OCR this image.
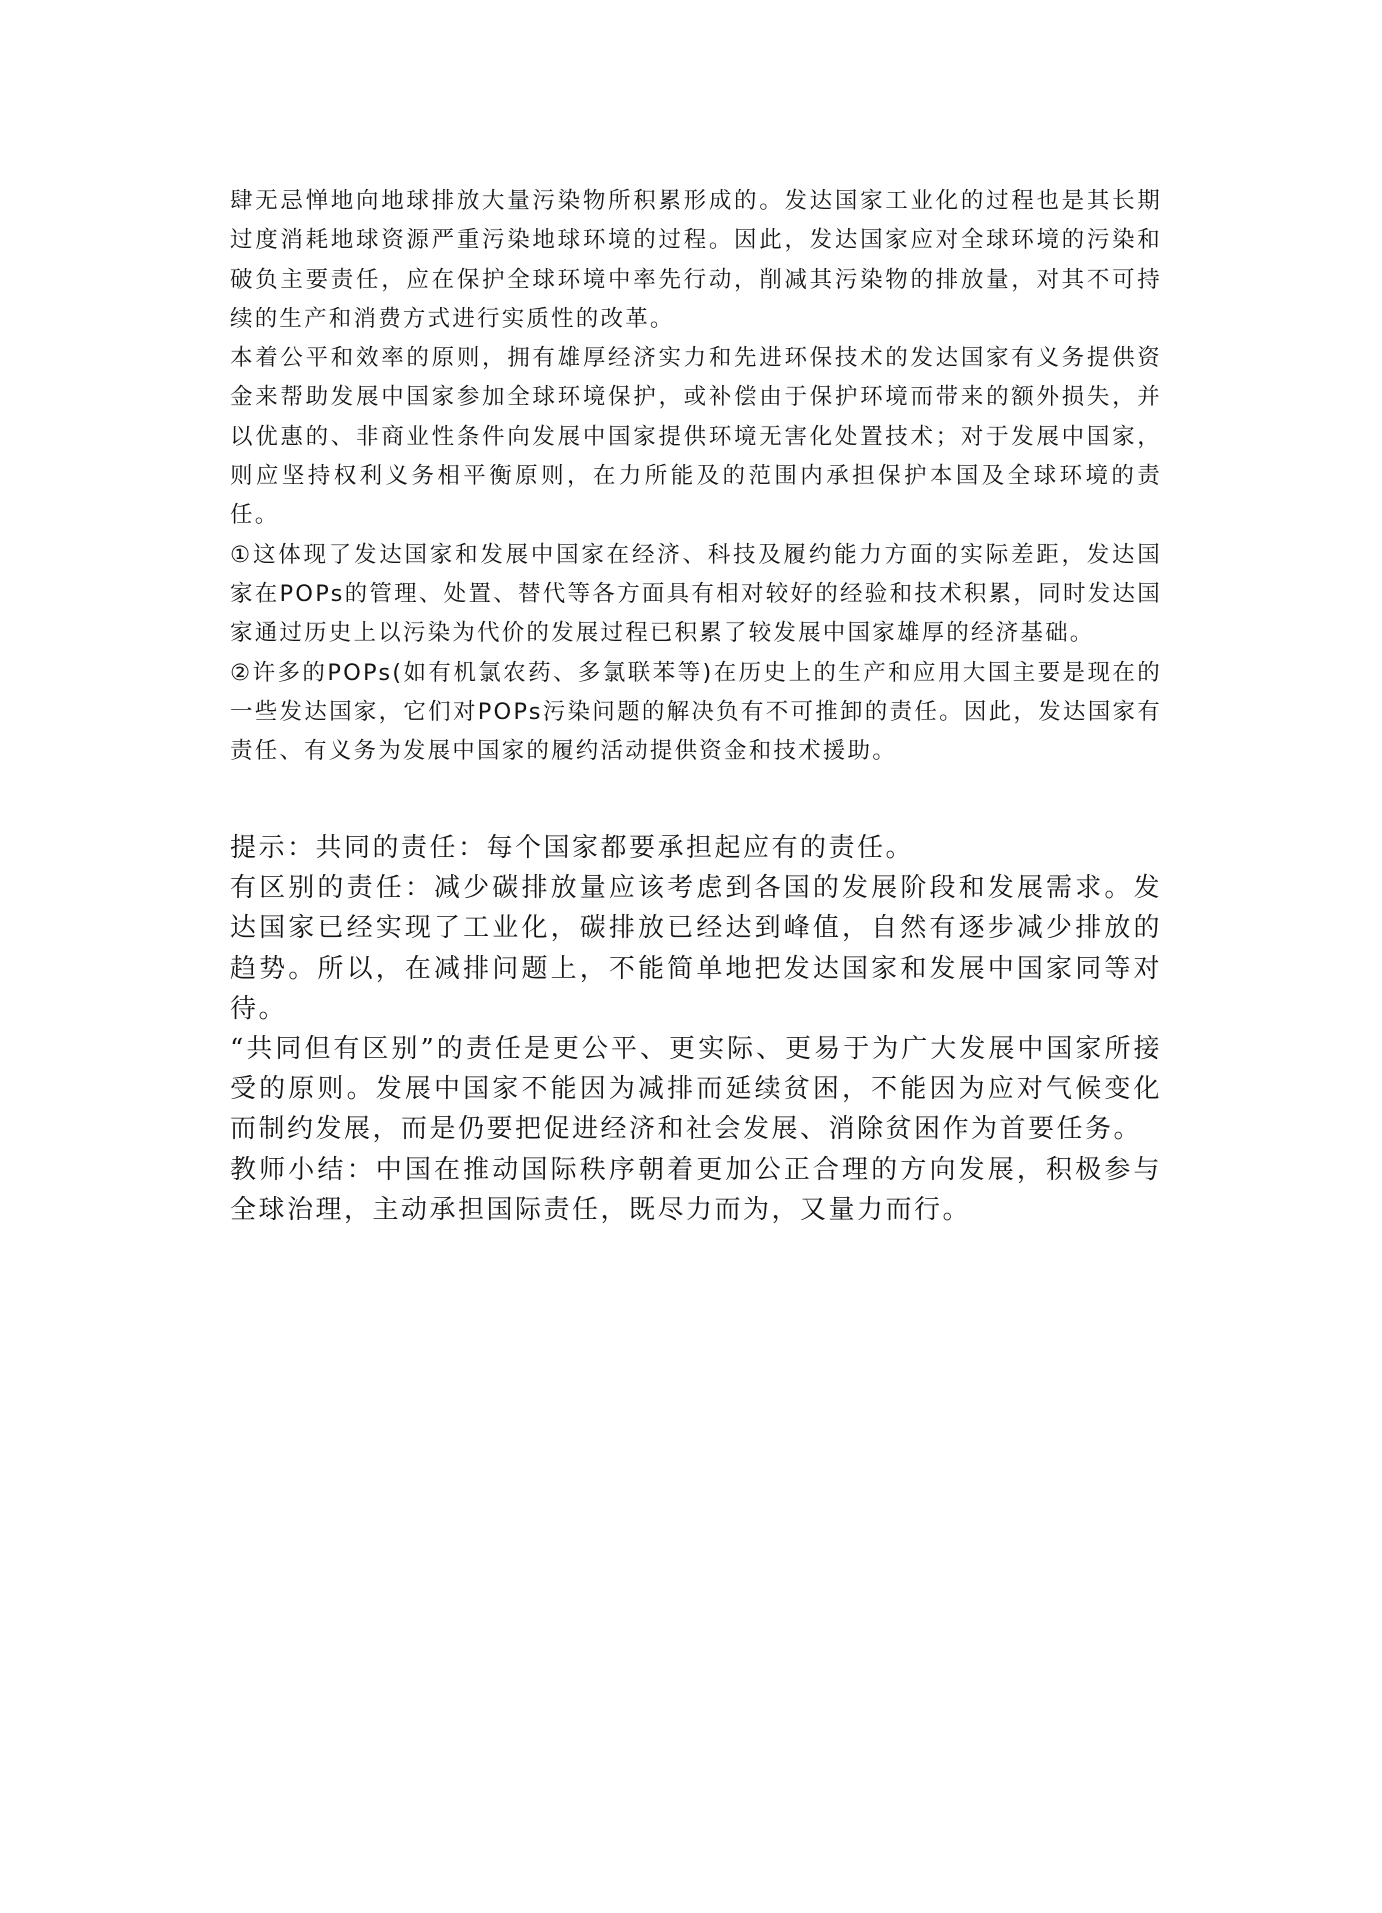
肆无忌惮地向地球排放大量污染物所积累形成的。发达国家工业化的过程也是其长期过度消耗地球资源严重污染地球环境的过程。因此，发达国家应对全球环境的污染和破负主要责任，应在保护全球环境中率先行动，削减其污染物的排放量，对其不可持续的生产和消费方式进行实质性的改革。

本着公平和效率的原则，拥有雄厚经济实力和先进环保技术的发达国家有义务提供资金来帮助发展中国家参加全球环境保护，或补偿由于保护环境而带来的额外损失，并以优惠的、非商业性条件向发展中国家提供环境无害化处置技术；对于发展中国家，则应坚持权利义务相平衡原则，在力所能及的范围内承担保护本国及全球环境的责任。

①这体现了发达国家和发展中国家在经济、科技及履约能力方面的实际差距，发达国家在POPs的管理、处置、替代等各方面具有相对较好的经验和技术积累，同时发达国家通过历史上以污染为代价的发展过程已积累了较发展中国家雄厚的经济基础。

②许多的POPs(如有机氯农药、多氯联苯等)在历史上的生产和应用大国主要是现在的一些发达国家，它们对POPs污染问题的解决负有不可推卸的责任。因此，发达国家有责任、有义务为发展中国家的履约活动提供资金和技术援助。

提示：共同的责任：每个国家都要承担起应有的责任。

有区别的责任：减少碳排放量应该考虑到各国的发展阶段和发展需求。发达国家已经实现了工业化，碳排放已经达到峰值，自然有逐步减少排放的趋势。所以，在减排问题上，不能简单地把发达国家和发展中国家同等对待。

“共同但有区别”的责任是更公平、更实际、更易于为广大发展中国家所接受的原则。发展中国家不能因为减排而延续贫困，不能因为应对气候变化而制约发展，而是仍要把促进经济和社会发展、消除贫困作为首要任务。

教师小结：中国在推动国际秩序朝着更加公正合理的方向发展，积极参与全球治理，主动承担国际责任，既尽力而为，又量力而行。
